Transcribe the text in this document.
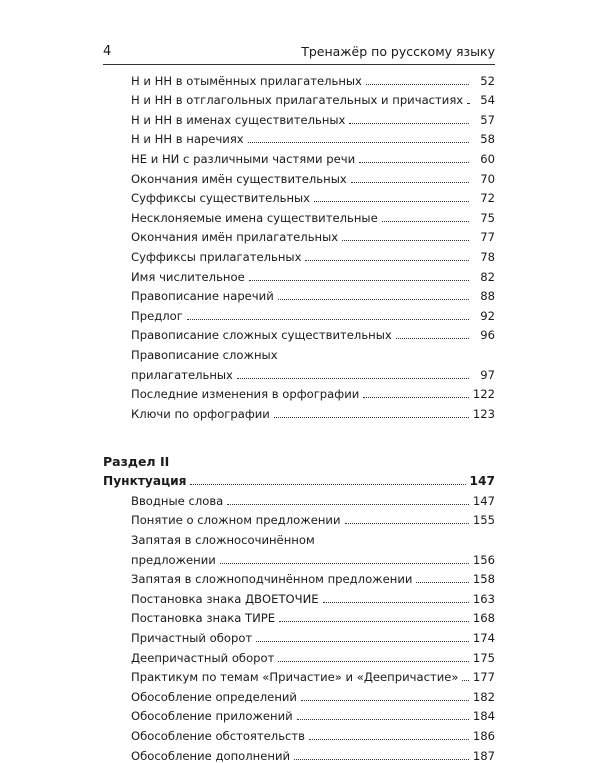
4	Тренажёр по русскому языку
Н и НН в отымённых прилагательных	52
Н и НН в отглагольных прилагательных и причастиях	54
Н и НН в именах существительных	57
Н и НН в наречиях	58
НЕ и НИ с различными частями речи	60
Окончания имён существительных	70
Суффиксы существительных	72
Несклоняемые имена существительные	75
Окончания имён прилагательных	77
Суффиксы прилагательных	78
Имя числительное	82
Правописание наречий	88
Предлог	92
Правописание сложных существительных	96
Правописание сложных
прилагательных	97
Последние изменения в орфографии	122
Ключи по орфографии	123
Раздел II
Пунктуация	147
Вводные слова	147
Понятие о сложном предложении	155
Запятая в сложносочинённом
предложении	156
Запятая в сложноподчинённом предложении	158
Постановка знака ДВОЕТОЧИЕ	163
Постановка знака ТИРЕ	168
Причастный оборот	174
Деепричастный оборот	175
Практикум по темам «Причастие» и «Деепричастие» 177
Обособление определений	182
Обособление приложений	184
Обособление обстоятельств	186
Обособление дополнений	187
